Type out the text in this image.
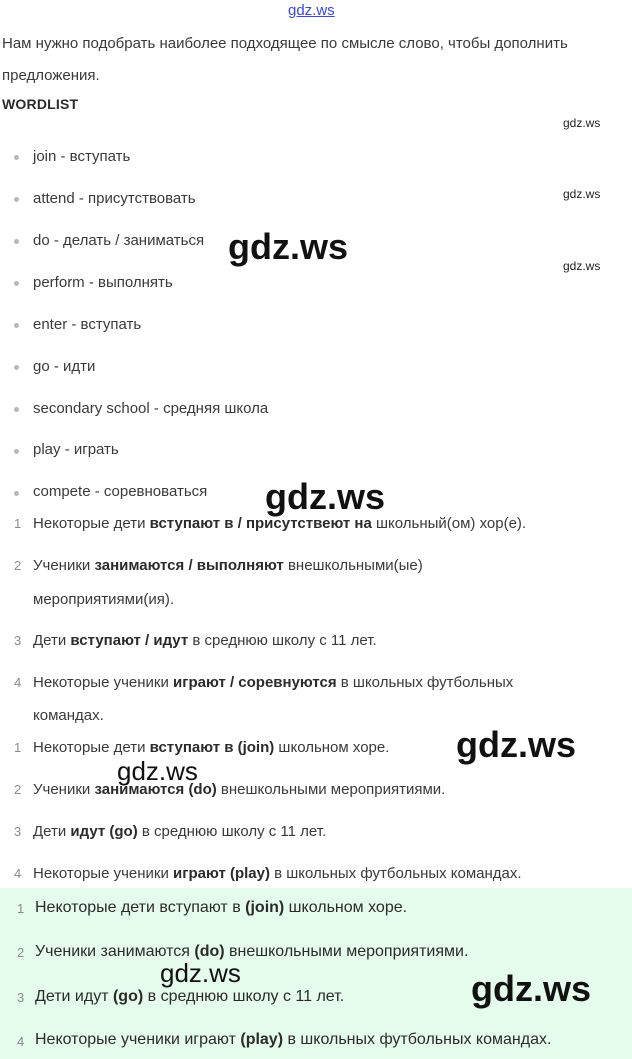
gdz.ws
Нам нужно подобрать наиболее подходящее по смысле слово, чтобы дополнить предложения.
WORDLIST
join - вступать
attend - присутствовать
do - делать / заниматься
perform - выполнять
enter - вступать
go - идти
secondary school - средняя школа
play - играть
compete - соревноваться
1 Некоторые дети вступают в / присутствеют на школьный(ом) хор(е).
2 Ученики занимаются / выполняют внешкольными(ые)
мероприятиями(ия).
3 Дети вступают / идут в среднюю школу с 11 лет.
4 Некоторые ученики играют / соревнуются в школьных футбольных
командах.
1 Некоторые дети вступают в (join) школьном хоре.
2 Ученики занимаются (do) внешкольными мероприятиями.
3 Дети идут (go) в среднюю школу с 11 лет.
4 Некоторые ученики играют (play) в школьных футбольных командах.
1 Некоторые дети вступают в (join) школьном хоре.
2 Ученики занимаются (do) внешкольными мероприятиями.
3 Дети идут (go) в среднюю школу с 11 лет.
4 Некоторые ученики играют (play) в школьных футбольных командах.
gdz.ws
gdz.ws
gdz.ws
gdz.ws
gdz.ws
gdz.ws
gdz.ws
gdz.ws	gdz.ws
